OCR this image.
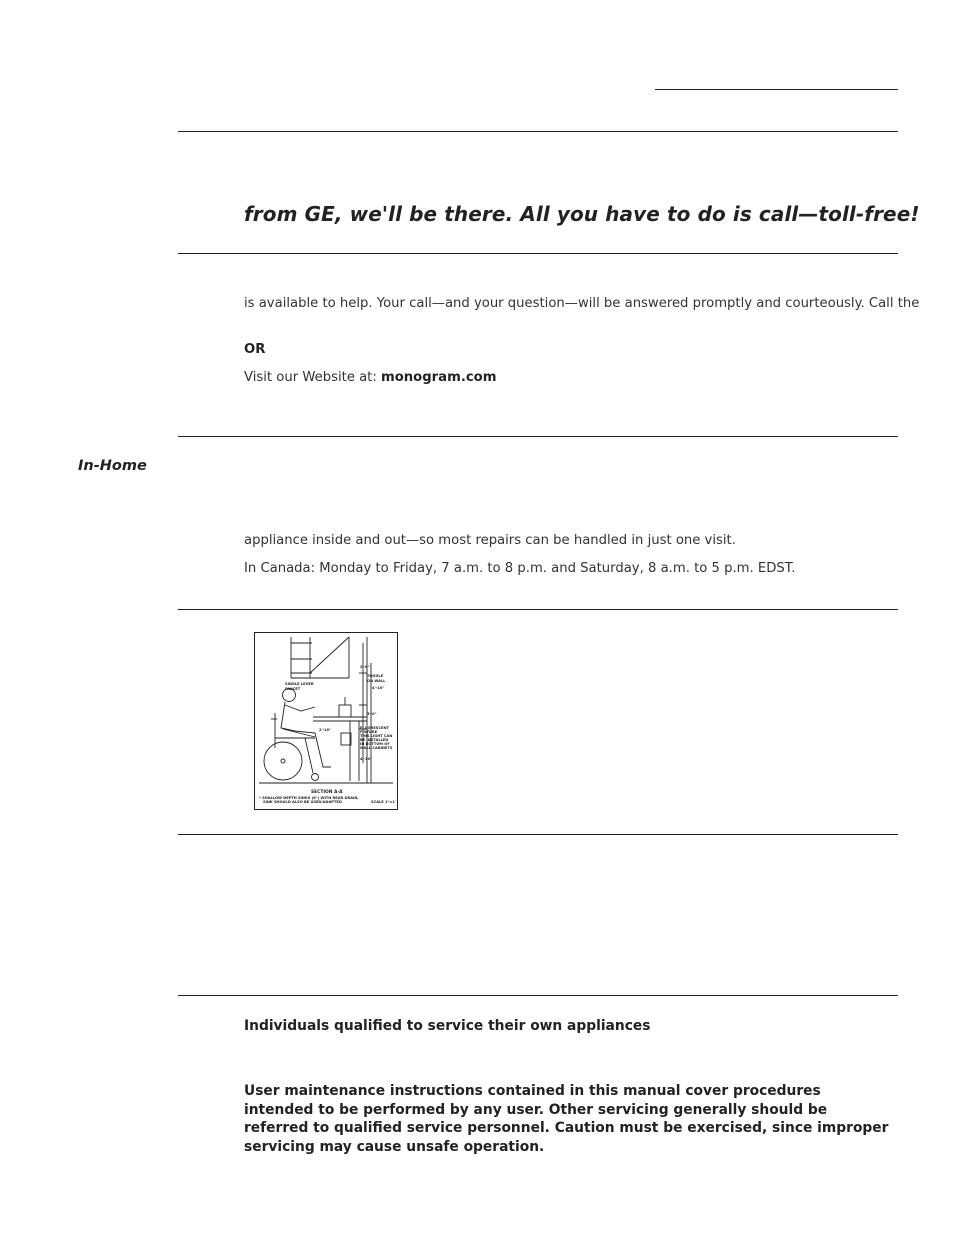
from GE, we'll be there. All you have to do is call—toll-free!
is available to help. Your call—and your question—will be answered promptly and courteously. Call the
OR
Visit our Website at: monogram.com
In-Home
appliance inside and out—so most repairs can be handled in just one visit.
In Canada: Monday to Friday, 7 a.m. to 8 p.m. and Saturday, 8 a.m. to 5 p.m. EDST.
2'-6"
TOGGLE
ON WALL
SINGLE LEVER
FAUCET	4'-10"
3'-0"
FLUORESCENT
FIXTURE
THIS LIGHT CAN
BE INSTALLED
IN BOTTOM OF
WALL CABINETS
2'-10"
4'-10"
SECTION A-A
* SHALLOW DEPTH SINKS (6") WITH REAR DRAIN,
SINK SHOULD ALSO BE USED/ADAPTED	SCALE 1"=1'
Individuals qualified to service their own appliances
User maintenance instructions contained in this manual cover procedures intended to be performed by any user. Other servicing generally should be referred to qualified service personnel. Caution must be exercised, since improper servicing may cause unsafe operation.
